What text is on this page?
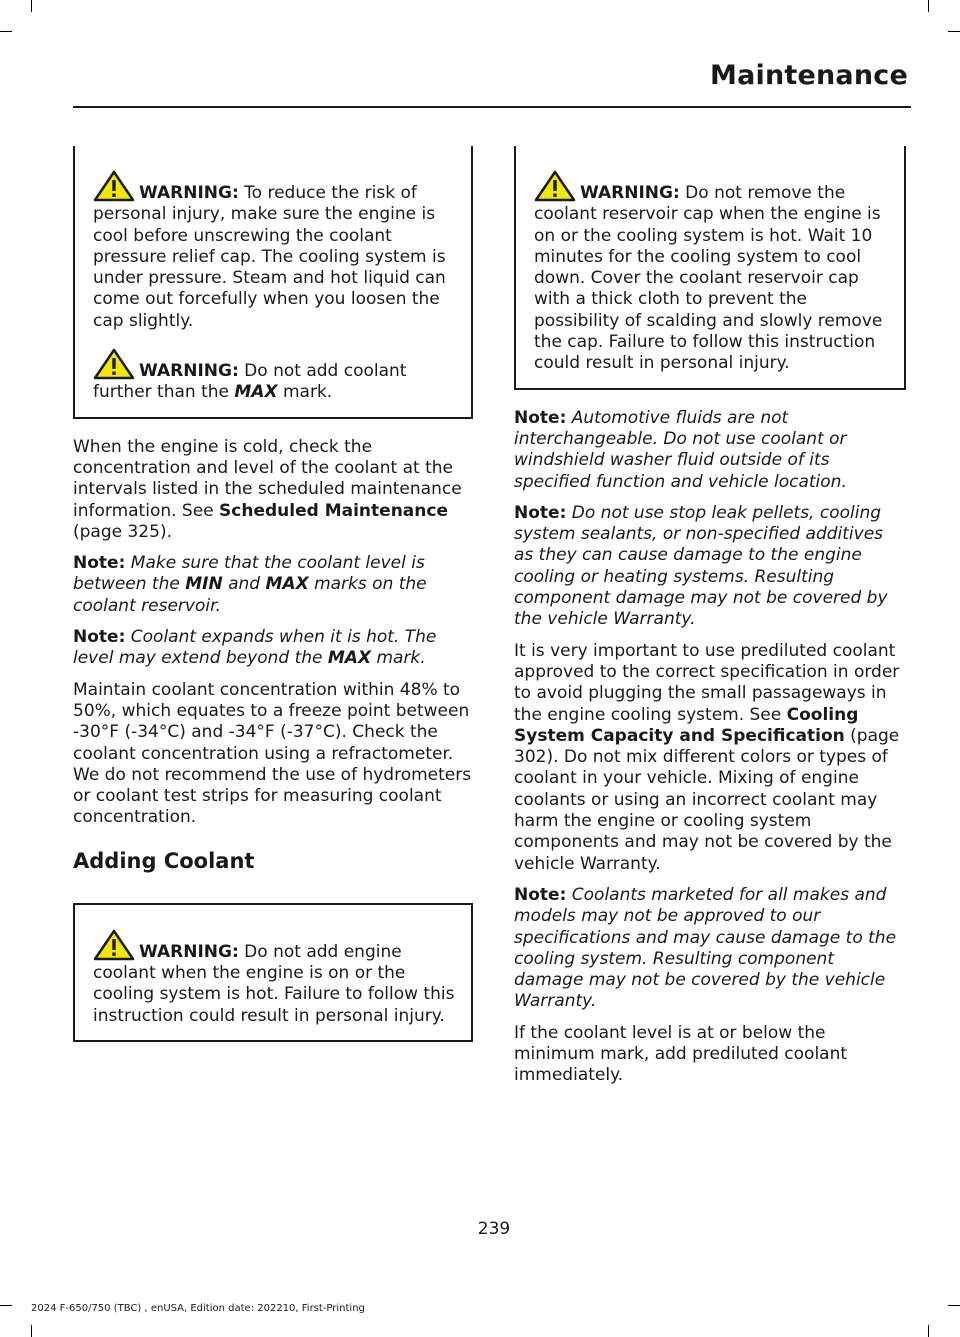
Maintenance

WARNING: To reduce the risk of personal injury, make sure the engine is cool before unscrewing the coolant pressure relief cap. The cooling system is under pressure. Steam and hot liquid can come out forcefully when you loosen the cap slightly.

WARNING: Do not add coolant further than the MAX mark.

When the engine is cold, check the concentration and level of the coolant at the intervals listed in the scheduled maintenance information. See Scheduled Maintenance (page 325).

Note: Make sure that the coolant level is between the MIN and MAX marks on the coolant reservoir.

Note: Coolant expands when it is hot. The level may extend beyond the MAX mark.

Maintain coolant concentration within 48% to 50%, which equates to a freeze point between -30°F (-34°C) and -34°F (-37°C). Check the coolant concentration using a refractometer. We do not recommend the use of hydrometers or coolant test strips for measuring coolant concentration.

Adding Coolant

WARNING: Do not add engine coolant when the engine is on or the cooling system is hot. Failure to follow this instruction could result in personal injury.

WARNING: Do not remove the coolant reservoir cap when the engine is on or the cooling system is hot. Wait 10 minutes for the cooling system to cool down. Cover the coolant reservoir cap with a thick cloth to prevent the possibility of scalding and slowly remove the cap. Failure to follow this instruction could result in personal injury.

Note: Automotive fluids are not interchangeable. Do not use coolant or windshield washer fluid outside of its specified function and vehicle location.

Note: Do not use stop leak pellets, cooling system sealants, or non-specified additives as they can cause damage to the engine cooling or heating systems. Resulting component damage may not be covered by the vehicle Warranty.

It is very important to use prediluted coolant approved to the correct specification in order to avoid plugging the small passageways in the engine cooling system. See Cooling System Capacity and Specification (page 302). Do not mix different colors or types of coolant in your vehicle. Mixing of engine coolants or using an incorrect coolant may harm the engine or cooling system components and may not be covered by the vehicle Warranty.

Note: Coolants marketed for all makes and models may not be approved to our specifications and may cause damage to the cooling system. Resulting component damage may not be covered by the vehicle Warranty.

If the coolant level is at or below the minimum mark, add prediluted coolant immediately.

239

2024 F-650/750 (TBC) , enUSA, Edition date: 202210, First-Printing
